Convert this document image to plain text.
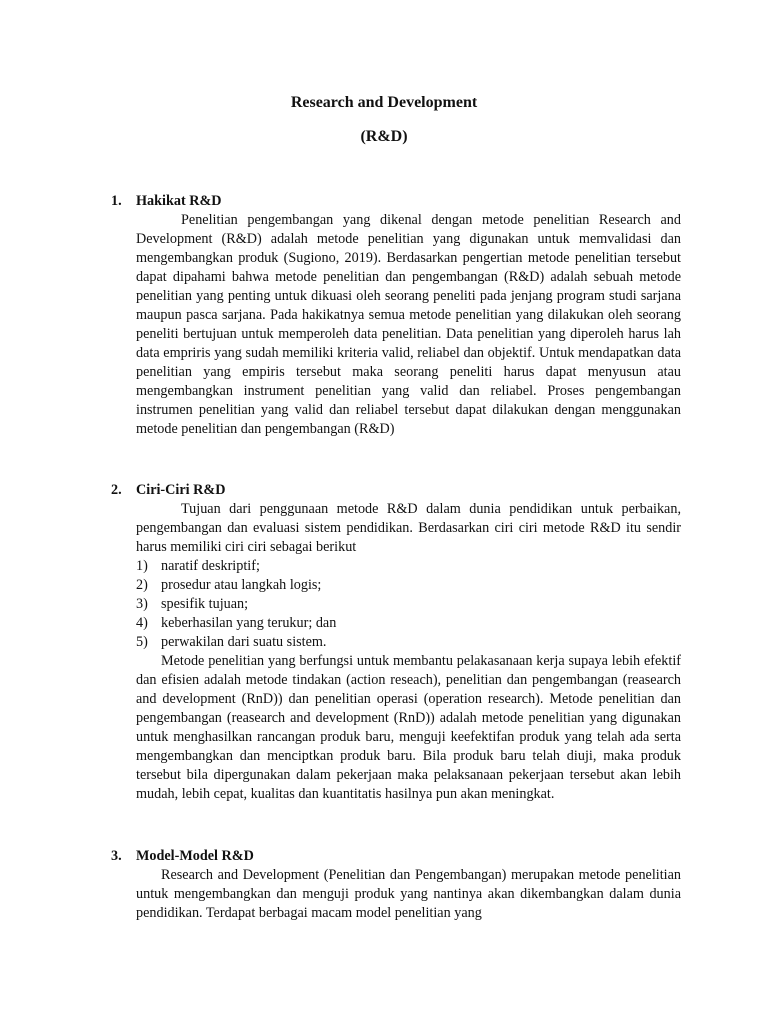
Research and Development
(R&D)
1. Hakikat R&D

Penelitian pengembangan yang dikenal dengan metode penelitian Research and Development (R&D) adalah metode penelitian yang digunakan untuk memvalidasi dan mengembangkan produk (Sugiono, 2019). Berdasarkan pengertian metode penelitian tersebut dapat dipahami bahwa metode penelitian dan pengembangan (R&D) adalah sebuah metode penelitian yang penting untuk dikuasi oleh seorang peneliti pada jenjang program studi sarjana maupun pasca sarjana. Pada hakikatnya semua metode penelitian yang dilakukan oleh seorang peneliti bertujuan untuk memperoleh data penelitian. Data penelitian yang diperoleh harus lah data empriris yang sudah memiliki kriteria valid, reliabel dan objektif. Untuk mendapatkan data penelitian yang empiris tersebut maka seorang peneliti harus dapat menyusun atau mengembangkan instrument penelitian yang valid dan reliabel. Proses pengembangan instrumen penelitian yang valid dan reliabel tersebut dapat dilakukan dengan menggunakan metode penelitian dan pengembangan (R&D)

2. Ciri-Ciri R&D

Tujuan dari penggunaan metode R&D dalam dunia pendidikan untuk perbaikan, pengembangan dan evaluasi sistem pendidikan. Berdasarkan ciri ciri metode R&D itu sendir harus memiliki ciri ciri sebagai berikut

1) naratif deskriptif;
2) prosedur atau langkah logis;
3) spesifik tujuan;
4) keberhasilan yang terukur; dan
5) perwakilan dari suatu sistem.

Metode penelitian yang berfungsi untuk membantu pelakasanaan kerja supaya lebih efektif dan efisien adalah metode tindakan (action reseach), penelitian dan pengembangan (reasearch and development (RnD)) dan penelitian operasi (operation research). Metode penelitian dan pengembangan (reasearch and development (RnD)) adalah metode penelitian yang digunakan untuk menghasilkan rancangan produk baru, menguji keefektifan produk yang telah ada serta mengembangkan dan menciptkan produk baru. Bila produk baru telah diuji, maka produk tersebut bila dipergunakan dalam pekerjaan maka pelaksanaan pekerjaan tersebut akan lebih mudah, lebih cepat, kualitas dan kuantitatis hasilnya pun akan meningkat.

3. Model-Model R&D

Research and Development (Penelitian dan Pengembangan) merupakan metode penelitian untuk mengembangkan dan menguji produk yang nantinya akan dikembangkan dalam dunia pendidikan. Terdapat berbagai macam model penelitian yang
